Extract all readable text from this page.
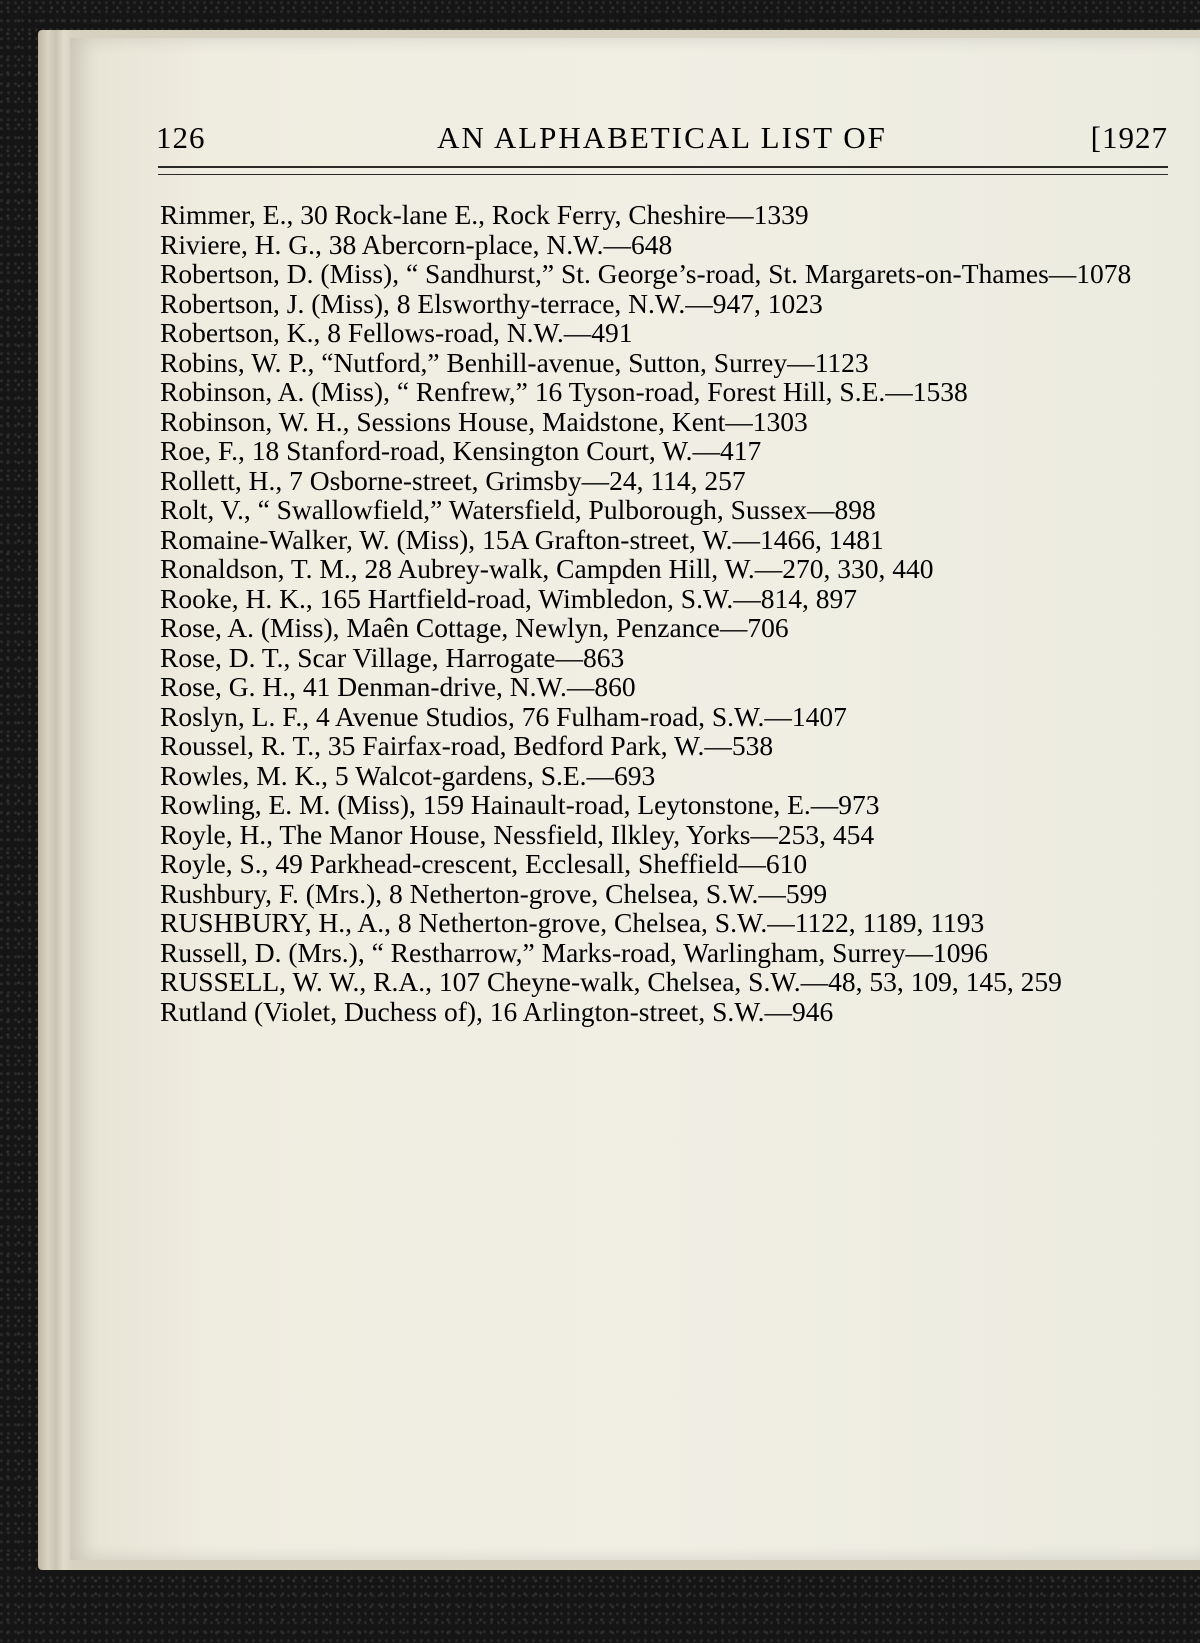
126	AN ALPHABETICAL LIST OF	[1927
Rimmer, E., 30 Rock-lane E., Rock Ferry, Cheshire—1339
Riviere, H. G., 38 Abercorn-place, N.W.—648
Robertson, D. (Miss), “ Sandhurst,” St. George’s-road, St. Margarets-on-Thames—1078
Robertson, J. (Miss), 8 Elsworthy-terrace, N.W.—947, 1023
Robertson, K., 8 Fellows-road, N.W.—491
Robins, W. P., “Nutford,” Benhill-avenue, Sutton, Surrey—1123
Robinson, A. (Miss), “ Renfrew,” 16 Tyson-road, Forest Hill, S.E.—1538
Robinson, W. H., Sessions House, Maidstone, Kent—1303
Roe, F., 18 Stanford-road, Kensington Court, W.—417
Rollett, H., 7 Osborne-street, Grimsby—24, 114, 257
Rolt, V., “ Swallowfield,” Watersfield, Pulborough, Sussex—898
Romaine-Walker, W. (Miss), 15A Grafton-street, W.—1466, 1481
Ronaldson, T. M., 28 Aubrey-walk, Campden Hill, W.—270, 330, 440
Rooke, H. K., 165 Hartfield-road, Wimbledon, S.W.—814, 897
Rose, A. (Miss), Maên Cottage, Newlyn, Penzance—706
Rose, D. T., Scar Village, Harrogate—863
Rose, G. H., 41 Denman-drive, N.W.—860
Roslyn, L. F., 4 Avenue Studios, 76 Fulham-road, S.W.—1407
Roussel, R. T., 35 Fairfax-road, Bedford Park, W.—538
Rowles, M. K., 5 Walcot-gardens, S.E.—693
Rowling, E. M. (Miss), 159 Hainault-road, Leytonstone, E.—973
Royle, H., The Manor House, Nessfield, Ilkley, Yorks—253, 454
Royle, S., 49 Parkhead-crescent, Ecclesall, Sheffield—610
Rushbury, F. (Mrs.), 8 Netherton-grove, Chelsea, S.W.—599
RUSHBURY, H., A., 8 Netherton-grove, Chelsea, S.W.—1122, 1189, 1193
Russell, D. (Mrs.), “ Restharrow,” Marks-road, Warlingham, Surrey—1096
RUSSELL, W. W., R.A., 107 Cheyne-walk, Chelsea, S.W.—48, 53, 109, 145, 259
Rutland (Violet, Duchess of), 16 Arlington-street, S.W.—946
